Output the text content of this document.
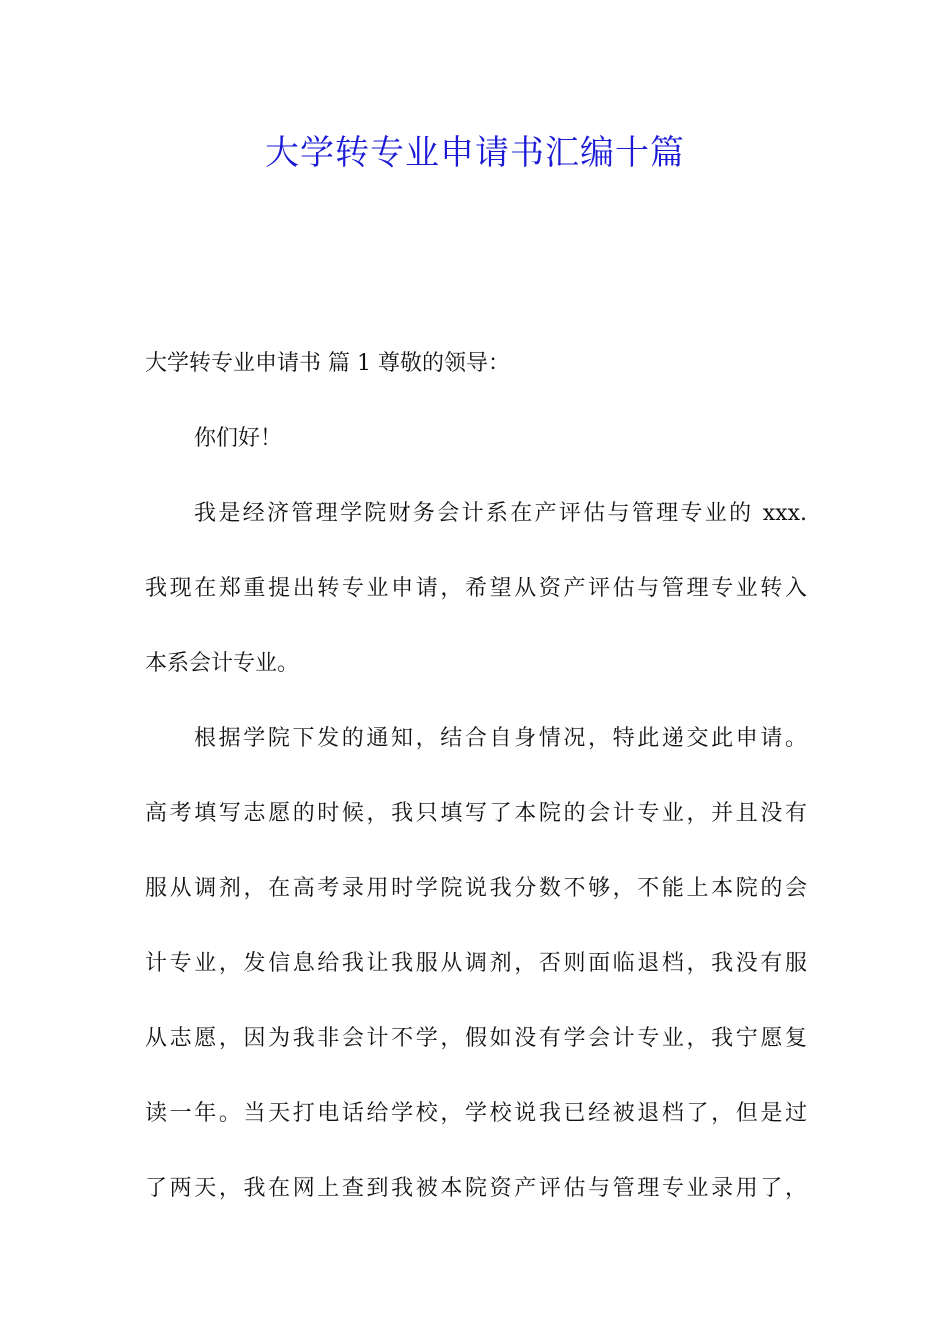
大学转专业申请书汇编十篇
大学转专业申请书 篇 1 尊敬的领导：
你们好！
我是经济管理学院财务会计系在产评估与管理专业的 xxx.
我现在郑重提出转专业申请，希望从资产评估与管理专业转入
本系会计专业。
根据学院下发的通知，结合自身情况，特此递交此申请。
高考填写志愿的时候，我只填写了本院的会计专业，并且没有
服从调剂，在高考录用时学院说我分数不够，不能上本院的会
计专业，发信息给我让我服从调剂，否则面临退档，我没有服
从志愿，因为我非会计不学，假如没有学会计专业，我宁愿复
读一年。当天打电话给学校，学校说我已经被退档了，但是过
了两天，我在网上查到我被本院资产评估与管理专业录用了，
